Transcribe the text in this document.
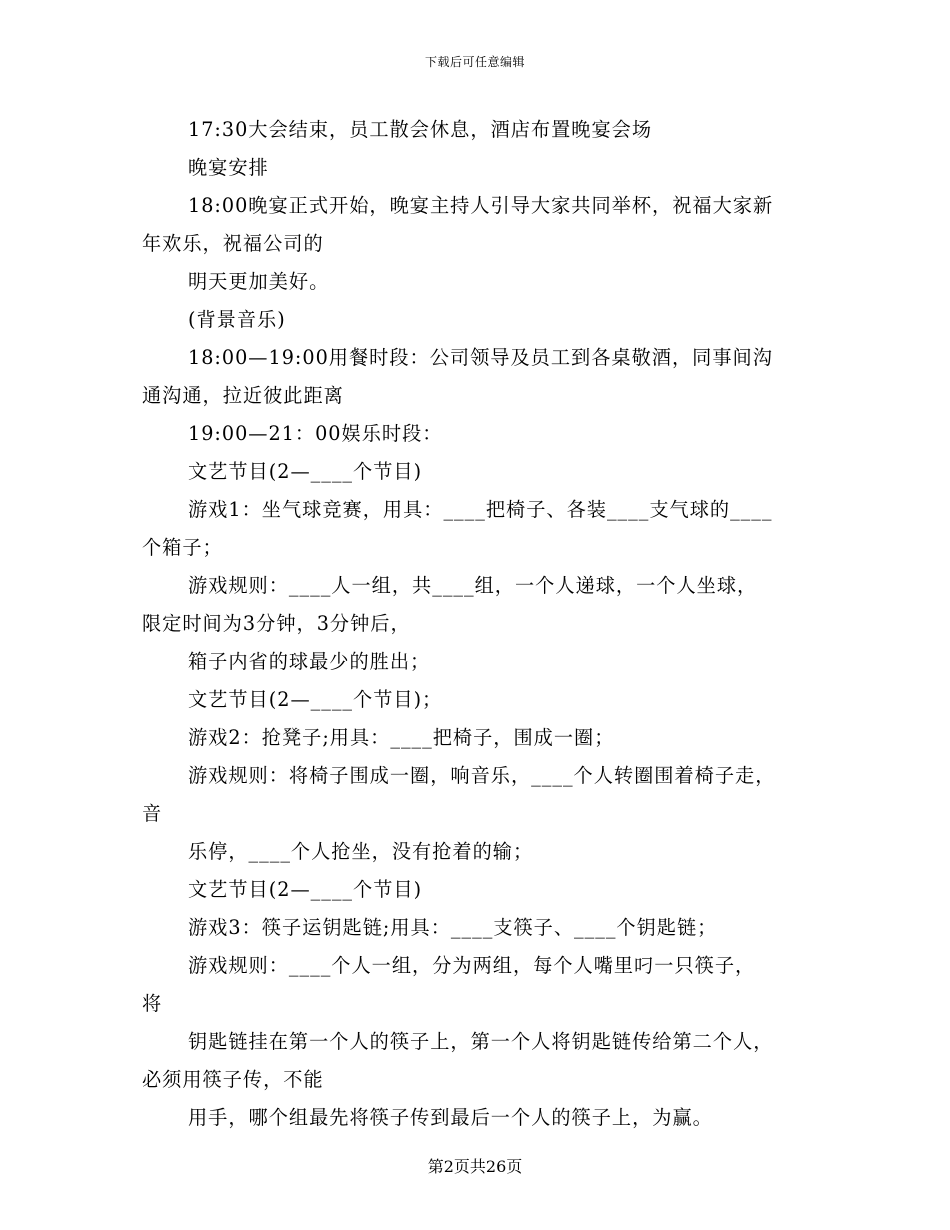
下载后可任意编辑

17:30大会结束，员工散会休息，酒店布置晚宴会场

晚宴安排

18:00晚宴正式开始，晚宴主持人引导大家共同举杯，祝福大家新

年欢乐，祝福公司的

明天更加美好。

(背景音乐)

18:00—19:00用餐时段：公司领导及员工到各桌敬酒，同事间沟

通沟通，拉近彼此距离

19:00—21：00娱乐时段：

文艺节目(2—____个节目)

游戏1：坐气球竞赛，用具：____把椅子、各装____支气球的____

个箱子；

游戏规则：____人一组，共____组，一个人递球，一个人坐球，

限定时间为3分钟，3分钟后，

箱子内省的球最少的胜出；

文艺节目(2—____个节目)；

游戏2：抢凳子;用具：____把椅子，围成一圈；

游戏规则：将椅子围成一圈，响音乐，____个人转圈围着椅子走，

音

乐停，____个人抢坐，没有抢着的输；

文艺节目(2—____个节目)

游戏3：筷子运钥匙链;用具：____支筷子、____个钥匙链；

游戏规则：____个人一组，分为两组，每个人嘴里叼一只筷子，

将

钥匙链挂在第一个人的筷子上，第一个人将钥匙链传给第二个人，

必须用筷子传，不能

用手，哪个组最先将筷子传到最后一个人的筷子上，为赢。

第2页共26页
